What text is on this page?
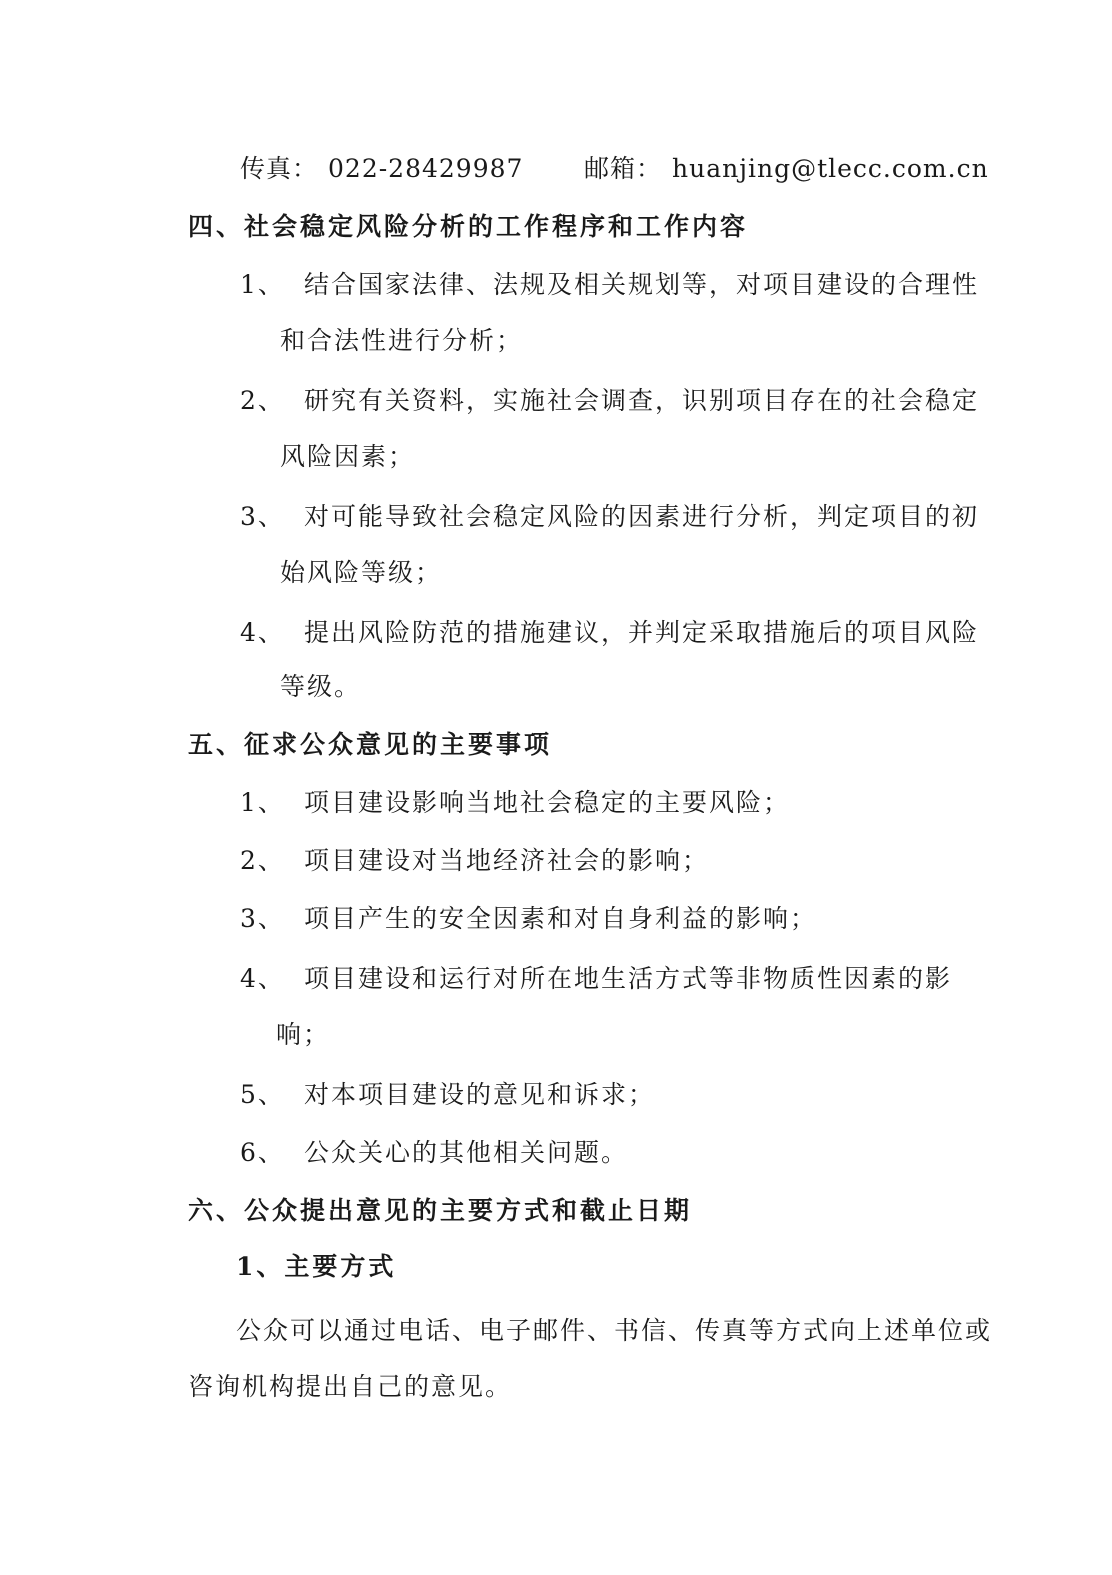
传真： 022-28429987 邮箱： huanjing@tlecc.com.cn
四、社会稳定风险分析的工作程序和工作内容
1、 结合国家法律、法规及相关规划等，对项目建设的合理性
和合法性进行分析；
2、 研究有关资料，实施社会调查，识别项目存在的社会稳定
风险因素；
3、 对可能导致社会稳定风险的因素进行分析，判定项目的初
始风险等级；
4、 提出风险防范的措施建议，并判定采取措施后的项目风险
等级。
五、征求公众意见的主要事项
1、 项目建设影响当地社会稳定的主要风险；
2、 项目建设对当地经济社会的影响；
3、 项目产生的安全因素和对自身利益的影响；
4、 项目建设和运行对所在地生活方式等非物质性因素的影
响；
5、 对本项目建设的意见和诉求；
6、 公众关心的其他相关问题。
六、公众提出意见的主要方式和截止日期
1、主要方式
公众可以通过电话、电子邮件、书信、传真等方式向上述单位或
咨询机构提出自己的意见。
